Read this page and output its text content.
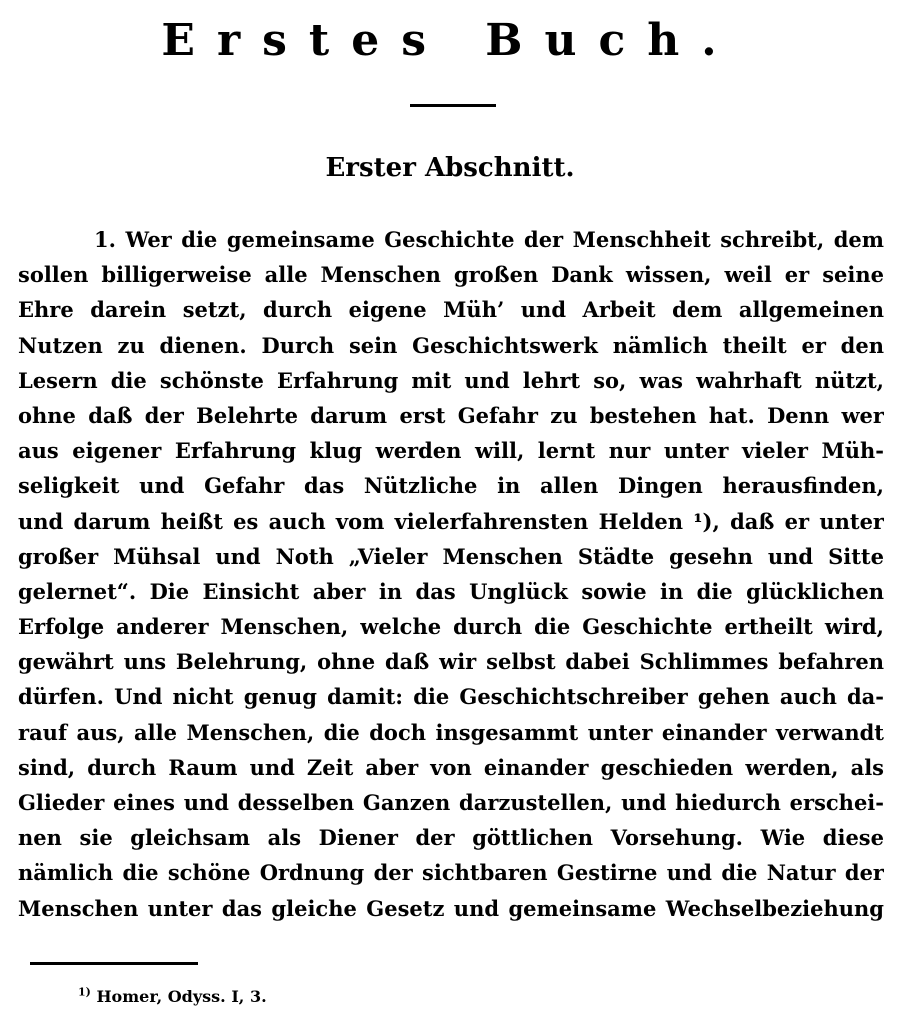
Erstes Buch.
Erster Abschnitt.
1. Wer die gemeinsame Geschichte der Menschheit schreibt, dem
sollen billigerweise alle Menschen großen Dank wissen, weil er seine
Ehre darein setzt, durch eigene Müh’ und Arbeit dem allgemeinen
Nutzen zu dienen. Durch sein Geschichtswerk nämlich theilt er den
Lesern die schönste Erfahrung mit und lehrt so, was wahrhaft nützt,
ohne daß der Belehrte darum erst Gefahr zu bestehen hat. Denn wer
aus eigener Erfahrung klug werden will, lernt nur unter vieler Müh-
seligkeit und Gefahr das Nützliche in allen Dingen herausfinden,
und darum heißt es auch vom vielerfahrensten Helden ¹), daß er unter
großer Mühsal und Noth „Vieler Menschen Städte gesehn und Sitte
gelernet“. Die Einsicht aber in das Unglück sowie in die glücklichen
Erfolge anderer Menschen, welche durch die Geschichte ertheilt wird,
gewährt uns Belehrung, ohne daß wir selbst dabei Schlimmes befahren
dürfen. Und nicht genug damit: die Geschichtschreiber gehen auch da-
rauf aus, alle Menschen, die doch insgesammt unter einander verwandt
sind, durch Raum und Zeit aber von einander geschieden werden, als
Glieder eines und desselben Ganzen darzustellen, und hiedurch erschei-
nen sie gleichsam als Diener der göttlichen Vorsehung. Wie diese
nämlich die schöne Ordnung der sichtbaren Gestirne und die Natur der
Menschen unter das gleiche Gesetz und gemeinsame Wechselbeziehung

$^{1)}$ Homer, Odyss. I, 3.
